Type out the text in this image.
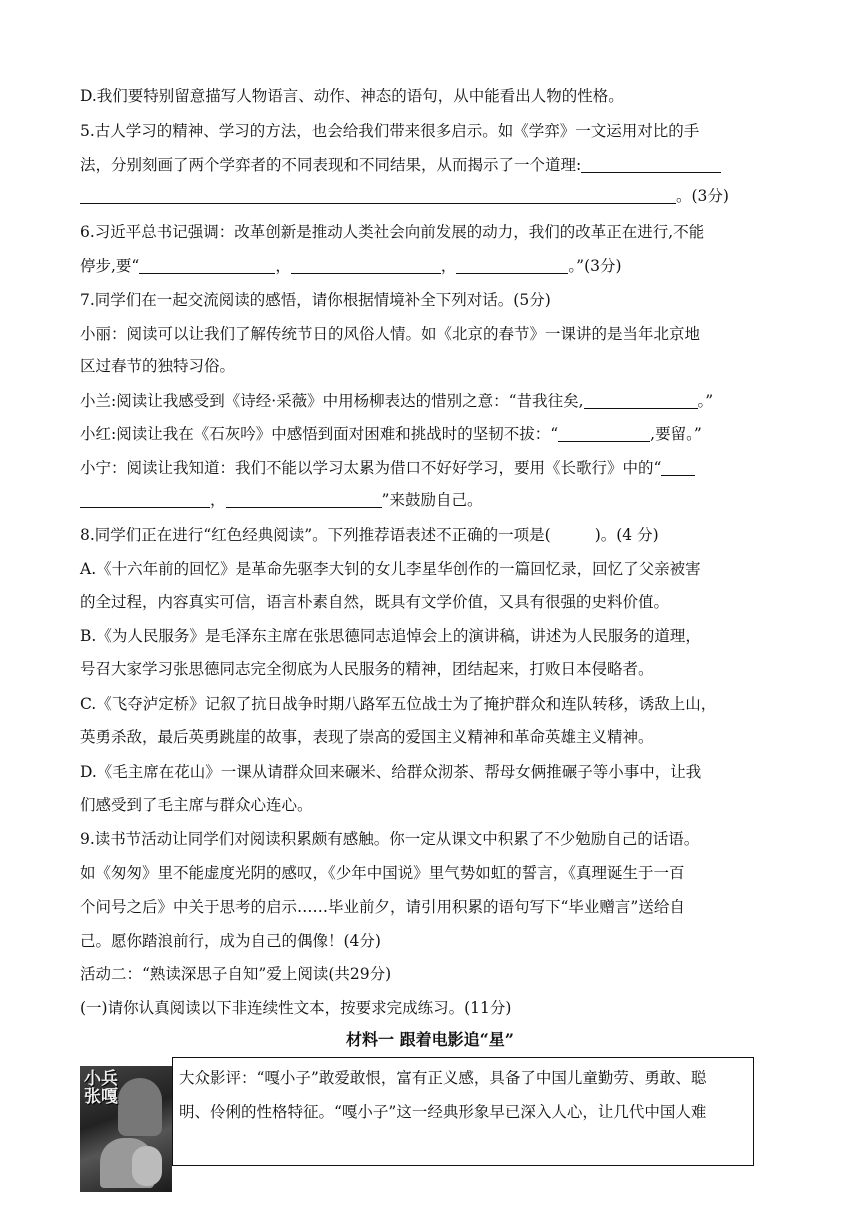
D.我们要特别留意描写人物语言、动作、神态的语句，从中能看出人物的性格。
5.古人学习的精神、学习的方法，也会给我们带来很多启示。如《学弈》一文运用对比的手
法，分别刻画了两个学弈者的不同表现和不同结果，从而揭示了一个道理:
。(3分)
6.习近平总书记强调：改革创新是推动人类社会向前发展的动力，我们的改革正在进行,不能
停步,要“	，	，	。”(3分)
7.同学们在一起交流阅读的感悟，请你根据情境补全下列对话。(5分)
小丽：阅读可以让我们了解传统节日的风俗人情。如《北京的春节》一课讲的是当年北京地
区过春节的独特习俗。
小兰:阅读让我感受到《诗经·采薇》中用杨柳表达的惜别之意：“昔我往矣,	。”
小红:阅读让我在《石灰吟》中感悟到面对困难和挑战时的坚韧不拔：“	,要留。”
小宁：阅读让我知道：我们不能以学习太累为借口不好好学习，要用《长歌行》中的“
，	”来鼓励自己。
8.同学们正在进行“红色经典阅读”。下列推荐语表述不正确的一项是(	)。(4 分)
A.《十六年前的回忆》是革命先驱李大钊的女儿李星华创作的一篇回忆录，回忆了父亲被害
的全过程，内容真实可信，语言朴素自然，既具有文学价值，又具有很强的史料价值。
B.《为人民服务》是毛泽东主席在张思德同志追悼会上的演讲稿，讲述为人民服务的道理，
号召大家学习张思德同志完全彻底为人民服务的精神，团结起来，打败日本侵略者。
C.《飞夺泸定桥》记叙了抗日战争时期八路军五位战士为了掩护群众和连队转移，诱敌上山，
英勇杀敌，最后英勇跳崖的故事，表现了崇高的爱国主义精神和革命英雄主义精神。
D.《毛主席在花山》一课从请群众回来碾米、给群众沏茶、帮母女俩推碾子等小事中，让我
们感受到了毛主席与群众心连心。
9.读书节活动让同学们对阅读积累颇有感触。你一定从课文中积累了不少勉励自己的话语。
如《匆匆》里不能虚度光阴的感叹，《少年中国说》里气势如虹的誓言，《真理诞生于一百
个问号之后》中关于思考的启示……毕业前夕，请引用积累的语句写下“毕业赠言”送给自
己。愿你踏浪前行，成为自己的偶像！(4分)
活动二：“熟读深思子自知”爱上阅读(共29分)
(一)请你认真阅读以下非连续性文本，按要求完成练习。(11分)
材料一 跟着电影追“星”
小兵张嘎
大众影评：“嘎小子”敢爱敢恨，富有正义感，具备了中国儿童勤劳、勇敢、聪
明、伶俐的性格特征。“嘎小子”这一经典形象早已深入人心，让几代中国人难
